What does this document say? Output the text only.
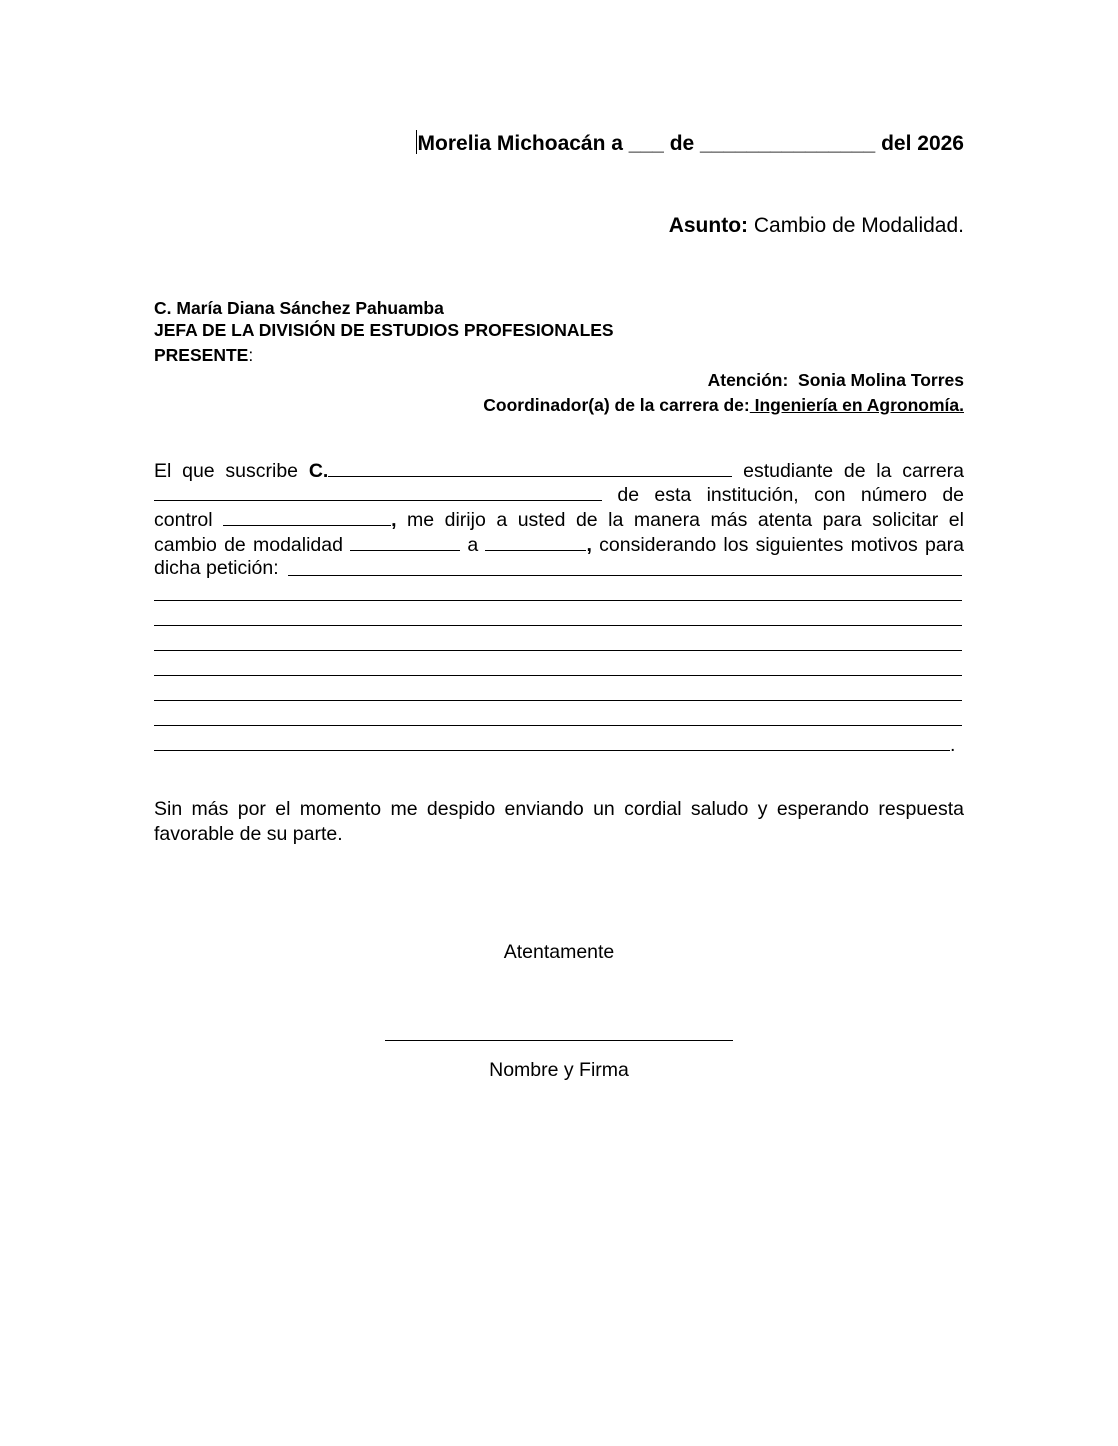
Morelia Michoacán a ___ de _______________ del 2026
Asunto: Cambio de Modalidad.
C. María Diana Sánchez Pahuamba
JEFA DE LA DIVISIÓN DE ESTUDIOS PROFESIONALES
PRESENTE:
Atención: Sonia Molina Torres
Coordinador(a) de la carrera de: Ingeniería en Agronomía.
El que suscribe C.	estudiante de la carrera
de esta institución, con número de
control	, me dirijo a usted de la manera más atenta para solicitar el
cambio de modalidad	a	, considerando los siguientes motivos para
dicha petición:
.
Sin más por el momento me despido enviando un cordial saludo y esperando respuesta
favorable de su parte.
Atentamente
Nombre y Firma
